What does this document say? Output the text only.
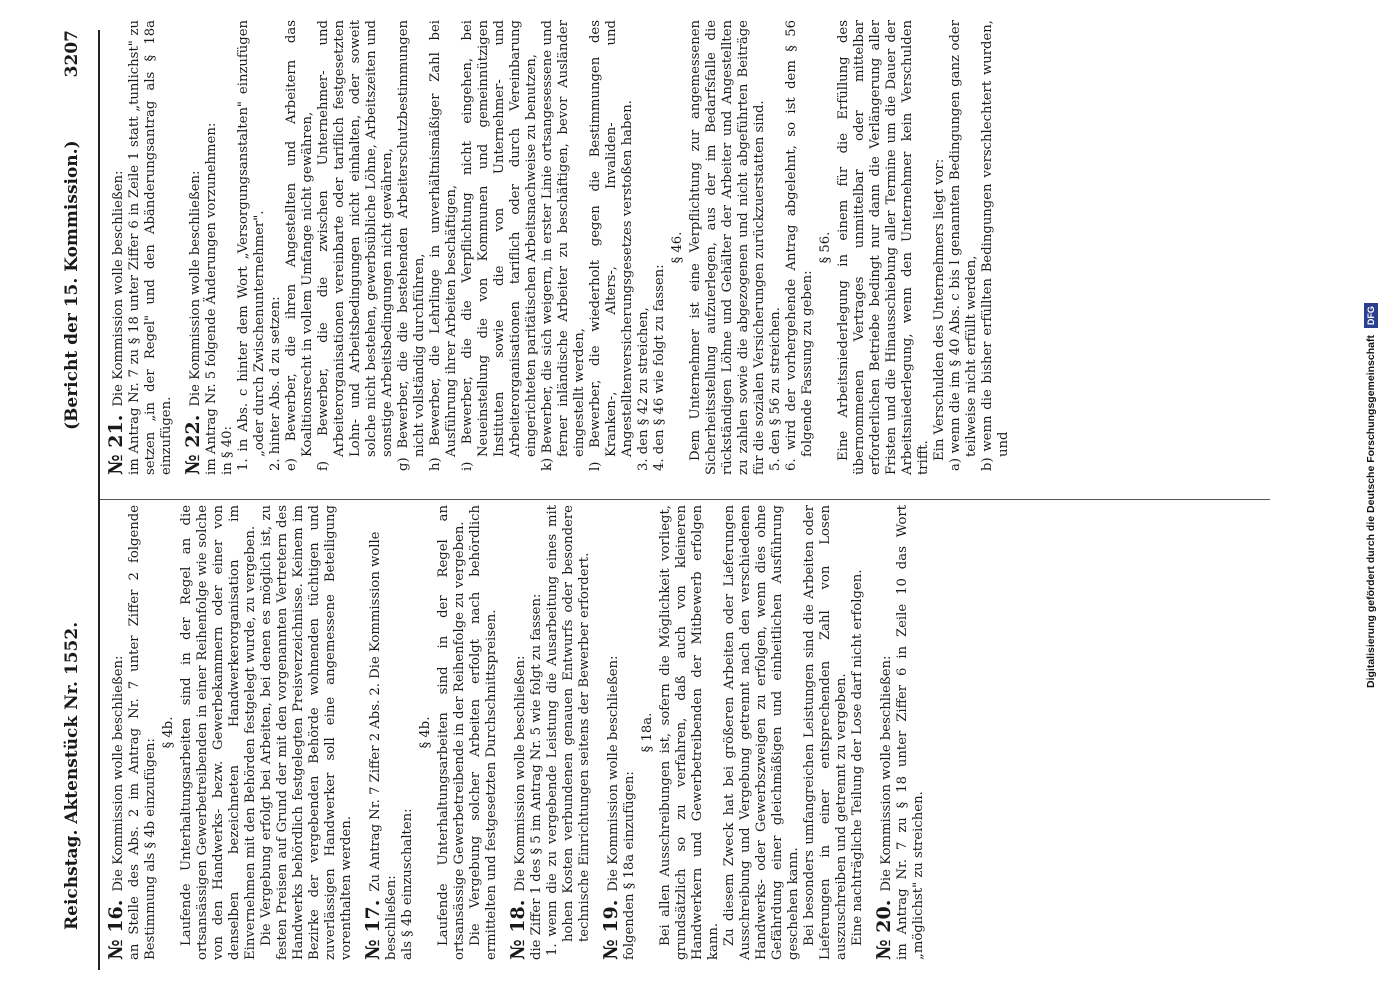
Reichstag. Aktenstück Nr. 1552.
(Bericht der 15. Kommission.)
3207
№ 16.Die Kommission wolle beschließen: an Stelle des Abs. 2 im Antrag Nr. 7 unter Ziffer 2 folgende Bestimmung als § 4b einzufügen:
§ 4b. Laufende Unterhaltungsarbeiten sind in der Regel an die ortsansässigen Gewerbetreibenden in einer Reihenfolge wie solche von den Handwerks- bezw. Gewerbekammern oder einer von denselben bezeichneten Handwerkerorganisation im Einvernehmen mit den Behörden festgelegt wurde, zu vergeben. Die Vergebung erfolgt bei Arbeiten, bei denen es möglich ist, zu festen Preisen auf Grund der mit den vorgenannten Vertretern des Handwerks behördlich festgelegten Preisverzeichnisse. Keinem im Bezirke der vergebenden Behörde wohnenden tüchtigen und zuverlässigen Handwerker soll eine angemessene Beteiligung vorenthalten werden. № 17.Zu Antrag Nr. 7 Ziffer 2 Abs. 2. Die Kommission wolle beschließen: als § 4b einzuschalten:
§ 4b. Laufende Unterhaltungsarbeiten sind in der Regel an ortsansässige Gewerbetreibende in der Reihenfolge zu vergeben. Die Vergebung solcher Arbeiten erfolgt nach behördlich ermittelten und festgesetzten Durchschnittspreisen. № 18.Die Kommission wolle beschließen: die Ziffer 1 des § 5 im Antrag Nr. 5 wie folgt zu fassen: 1. wenn die zu vergebende Leistung die Ausarbeitung eines mit hohen Kosten verbundenen genauen Entwurfs oder besondere technische Einrichtungen seitens der Bewerber erfordert. № 19.Die Kommission wolle beschließen: folgenden § 18a einzufügen:
§ 18a. Bei allen Ausschreibungen ist, sofern die Möglichkeit vorliegt, grundsätzlich so zu verfahren, daß auch von kleineren Handwerkern und Gewerbetreibenden der Mitbewerb erfolgen kann. Zu diesem Zweck hat bei größeren Arbeiten oder Lieferungen Ausschreibung und Vergebung getrennt nach den verschiedenen Handwerks- oder Gewerbszweigen zu erfolgen, wenn dies ohne Gefährdung einer gleichmäßigen und einheitlichen Ausführung geschehen kann. Bei besonders umfangreichen Leistungen sind die Arbeiten oder Lieferungen in einer entsprechenden Zahl von Losen auszuschreiben und getrennt zu vergeben. Eine nachträgliche Teilung der Lose darf nicht erfolgen. № 20.Die Kommission wolle beschließen: im Antrag Nr. 7 zu § 18 unter Ziffer 6 in Zeile 10 das Wort „möglichst" zu streichen.
№ 21.Die Kommission wolle beschließen: im Antrag Nr. 7 zu § 18 unter Ziffer 6 in Zeile 1 statt „tunlichst" zu setzen „in der Regel" und den Abänderungsantrag als § 18a einzufügen. № 22.Die Kommission wolle beschließen: im Antrag Nr. 5 folgende Änderungen vorzunehmen: in § 40: 1. in Abs. c hinter dem Wort „Versorgungsanstalten" einzufügen „oder durch Zwischenunternehmer". 2. hinter Abs. d zu setzen: e) Bewerber, die ihren Angestellten und Arbeitern das Koalitionsrecht in vollem Umfange nicht gewähren, f) Bewerber, die die zwischen Unternehmer- und Arbeiterorganisationen vereinbarte oder tariflich festgesetzten Lohn- und Arbeitsbedingungen nicht einhalten, oder soweit solche nicht bestehen, gewerbsübliche Löhne, Arbeitszeiten und sonstige Arbeitsbedingungen nicht gewähren, g) Bewerber, die die bestehenden Arbeiterschutzbestimmungen nicht vollständig durchführen, h) Bewerber, die Lehrlinge in unverhältnismäßiger Zahl bei Ausführung ihrer Arbeiten beschäftigen, i) Bewerber, die die Verpflichtung nicht eingehen, bei Neueinstellung die von Kommunen und gemeinnützigen Instituten sowie die von Unternehmer- und Arbeiterorganisationen tariflich oder durch Vereinbarung eingerichteten paritätischen Arbeitsnachweise zu benutzen, k) Bewerber, die sich weigern, in erster Linie ortsangesessene und ferner inländische Arbeiter zu beschäftigen, bevor Ausländer eingestellt werden, l) Bewerber, die wiederholt gegen die Bestimmungen des Kranken-, Alters-, Invaliden- und Angestelltenversicherungsgesetzes verstoßen haben. 3. den § 42 zu streichen, 4. den § 46 wie folgt zu fassen:
§ 46. Dem Unternehmer ist eine Verpflichtung zur angemessenen Sicherheitsstellung aufzuerlegen, aus der im Bedarfsfalle die rückständigen Löhne und Gehälter der Arbeiter und Angestellten zu zahlen sowie die abgezogenen und nicht abgeführten Beiträge für die sozialen Versicherungen zurückzuerstatten sind. 5. den § 56 zu streichen. 6. wird der vorhergehende Antrag abgelehnt, so ist dem § 56 folgende Fassung zu geben:
§ 56. Eine Arbeitsniederlegung in einem für die Erfüllung des übernommenen Vertrages unmittelbar oder mittelbar erforderlichen Betriebe bedingt nur dann die Verlängerung aller Fristen und die Hinausschiebung aller Termine um die Dauer der Arbeitsniederlegung, wenn den Unternehmer kein Verschulden trifft. Ein Verschulden des Unternehmers liegt vor: a) wenn die im § 40 Abs. c bis l genannten Bedingungen ganz oder teilweise nicht erfüllt werden, b) wenn die bisher erfüllten Bedingungen verschlechtert wurden, und	Digitalisierung gefördert durch die Deutsche Forschungsgemeinschaft DFG
